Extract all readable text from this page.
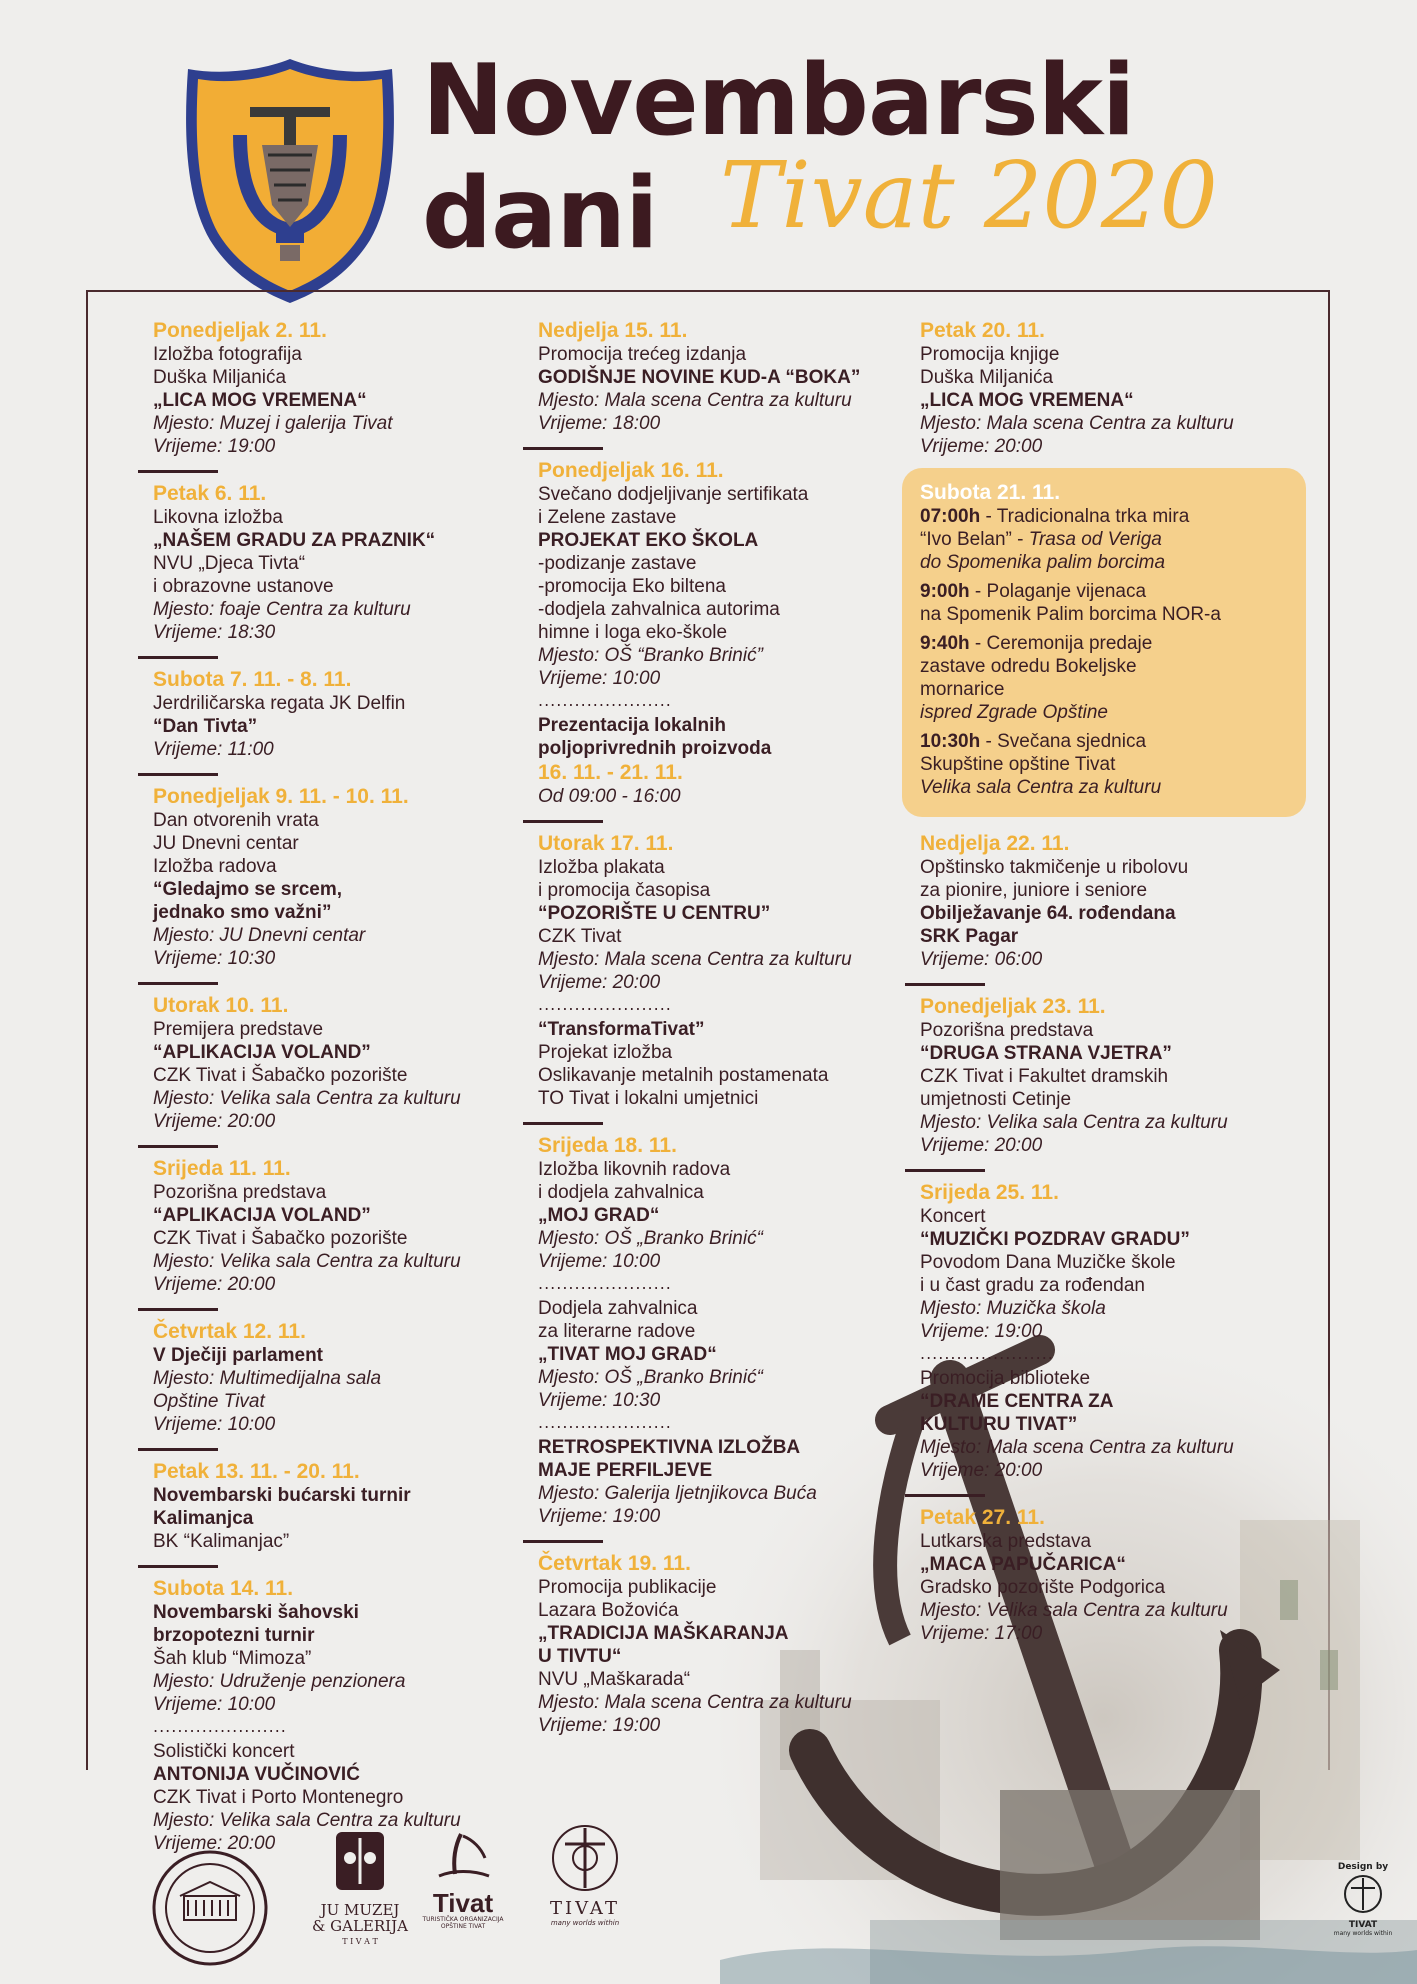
Novembarski
dani Tivat 2020
Ponedjeljak 2. 11.
Izložba fotografija
Duška Miljanića
„LICA MOG VREMENA“
Mjesto: Muzej i galerija Tivat
Vrijeme: 19:00
Petak 6. 11.
Likovna izložba
„NAŠEM GRADU ZA PRAZNIK“
NVU „Djeca Tivta“
i obrazovne ustanove
Mjesto: foaje Centra za kulturu
Vrijeme: 18:30
Subota 7. 11. - 8. 11.
Jerdriličarska regata JK Delfin
“Dan Tivta”
Vrijeme: 11:00
Ponedjeljak 9. 11. - 10. 11.
Dan otvorenih vrata
JU Dnevni centar
Izložba radova
“Gledajmo se srcem,
jednako smo važni”
Mjesto: JU Dnevni centar
Vrijeme: 10:30
Utorak 10. 11.
Premijera predstave
“APLIKACIJA VOLAND”
CZK Tivat i Šabačko pozorište
Mjesto: Velika sala Centra za kulturu
Vrijeme: 20:00
Srijeda 11. 11.
Pozorišna predstava
“APLIKACIJA VOLAND”
CZK Tivat i Šabačko pozorište
Mjesto: Velika sala Centra za kulturu
Vrijeme: 20:00
Četvrtak 12. 11.
V Dječiji parlament
Mjesto: Multimedijalna sala
Opštine Tivat
Vrijeme: 10:00
Petak 13. 11. - 20. 11.
Novembarski bućarski turnir
Kalimanjca
BK “Kalimanjac”
Subota 14. 11.
Novembarski šahovski
brzopotezni turnir
Šah klub “Mimoza”
Mjesto: Udruženje penzionera
Vrijeme: 10:00
......................
Solistički koncert
ANTONIJA VUČINOVIĆ
CZK Tivat i Porto Montenegro
Mjesto: Velika sala Centra za kulturu
Vrijeme: 20:00
Nedjelja 15. 11.
Promocija trećeg izdanja
GODIŠNJE NOVINE KUD-A “BOKA”
Mjesto: Mala scena Centra za kulturu
Vrijeme: 18:00
Ponedjeljak 16. 11.
Svečano dodjeljivanje sertifikata
i Zelene zastave
PROJEKAT EKO ŠKOLA
-podizanje zastave
-promocija Eko biltena
-dodjela zahvalnica autorima
himne i loga eko-škole
Mjesto: OŠ “Branko Brinić”
Vrijeme: 10:00
......................
Prezentacija lokalnih
poljoprivrednih proizvoda
16. 11. - 21. 11.
Od 09:00 - 16:00
Utorak 17. 11.
Izložba plakata
i promocija časopisa
“POZORIŠTE U CENTRU”
CZK Tivat
Mjesto: Mala scena Centra za kulturu
Vrijeme: 20:00
......................
“TransformaTivat”
Projekat izložba
Oslikavanje metalnih postamenata
TO Tivat i lokalni umjetnici
Srijeda 18. 11.
Izložba likovnih radova
i dodjela zahvalnica
„MOJ GRAD“
Mjesto: OŠ „Branko Brinić“
Vrijeme: 10:00
......................
Dodjela zahvalnica
za literarne radove
„TIVAT MOJ GRAD“
Mjesto: OŠ „Branko Brinić“
Vrijeme: 10:30
......................
RETROSPEKTIVNA IZLOŽBA
MAJE PERFILJEVE
Mjesto: Galerija ljetnjikovca Buća
Vrijeme: 19:00
Četvrtak 19. 11.
Promocija publikacije
Lazara Božovića
„TRADICIJA MAŠKARANJA
U TIVTU“
NVU „Maškarada“
Mjesto: Mala scena Centra za kulturu
Vrijeme: 19:00
Petak 20. 11.
Promocija knjige
Duška Miljanića
„LICA MOG VREMENA“
Mjesto: Mala scena Centra za kulturu
Vrijeme: 20:00
Subota 21. 11.
07:00h - Tradicionalna trka mira
“Ivo Belan” - Trasa od Veriga
do Spomenika palim borcima
9:00h - Polaganje vijenaca
na Spomenik Palim borcima NOR-a
9:40h - Ceremonija predaje
zastave odredu Bokeljske
mornarice
ispred Zgrade Opštine
10:30h - Svečana sjednica
Skupštine opštine Tivat
Velika sala Centra za kulturu
Nedjelja 22. 11.
Opštinsko takmičenje u ribolovu
za pionire, juniore i seniore
Obilježavanje 64. rođendana
SRK Pagar
Vrijeme: 06:00
Ponedjeljak 23. 11.
Pozorišna predstava
“DRUGA STRANA VJETRA”
CZK Tivat i Fakultet dramskih
umjetnosti Cetinje
Mjesto: Velika sala Centra za kulturu
Vrijeme: 20:00
Srijeda 25. 11.
Koncert
“MUZIČKI POZDRAV GRADU”
Povodom Dana Muzičke škole
i u čast gradu za rođendan
Mjesto: Muzička škola
Vrijeme: 19:00
......................
Promocija biblioteke
“DRAME CENTRA ZA
KULTURU TIVAT”
Mjesto: Mala scena Centra za kulturu
Vrijeme: 20:00
Petak 27. 11.
Lutkarska predstava
„MACA PAPUČARICA“
Gradsko pozorište Podgorica
Mjesto: Velika sala Centra za kulturu
Vrijeme: 17:00
JU MUZEJ
& GALERIJA
T I V A T
Tivat
TURISTIČKA ORGANIZACIJA
OPŠTINE TIVAT
TIVAT
many worlds within
Design by
TIVAT
many worlds within
